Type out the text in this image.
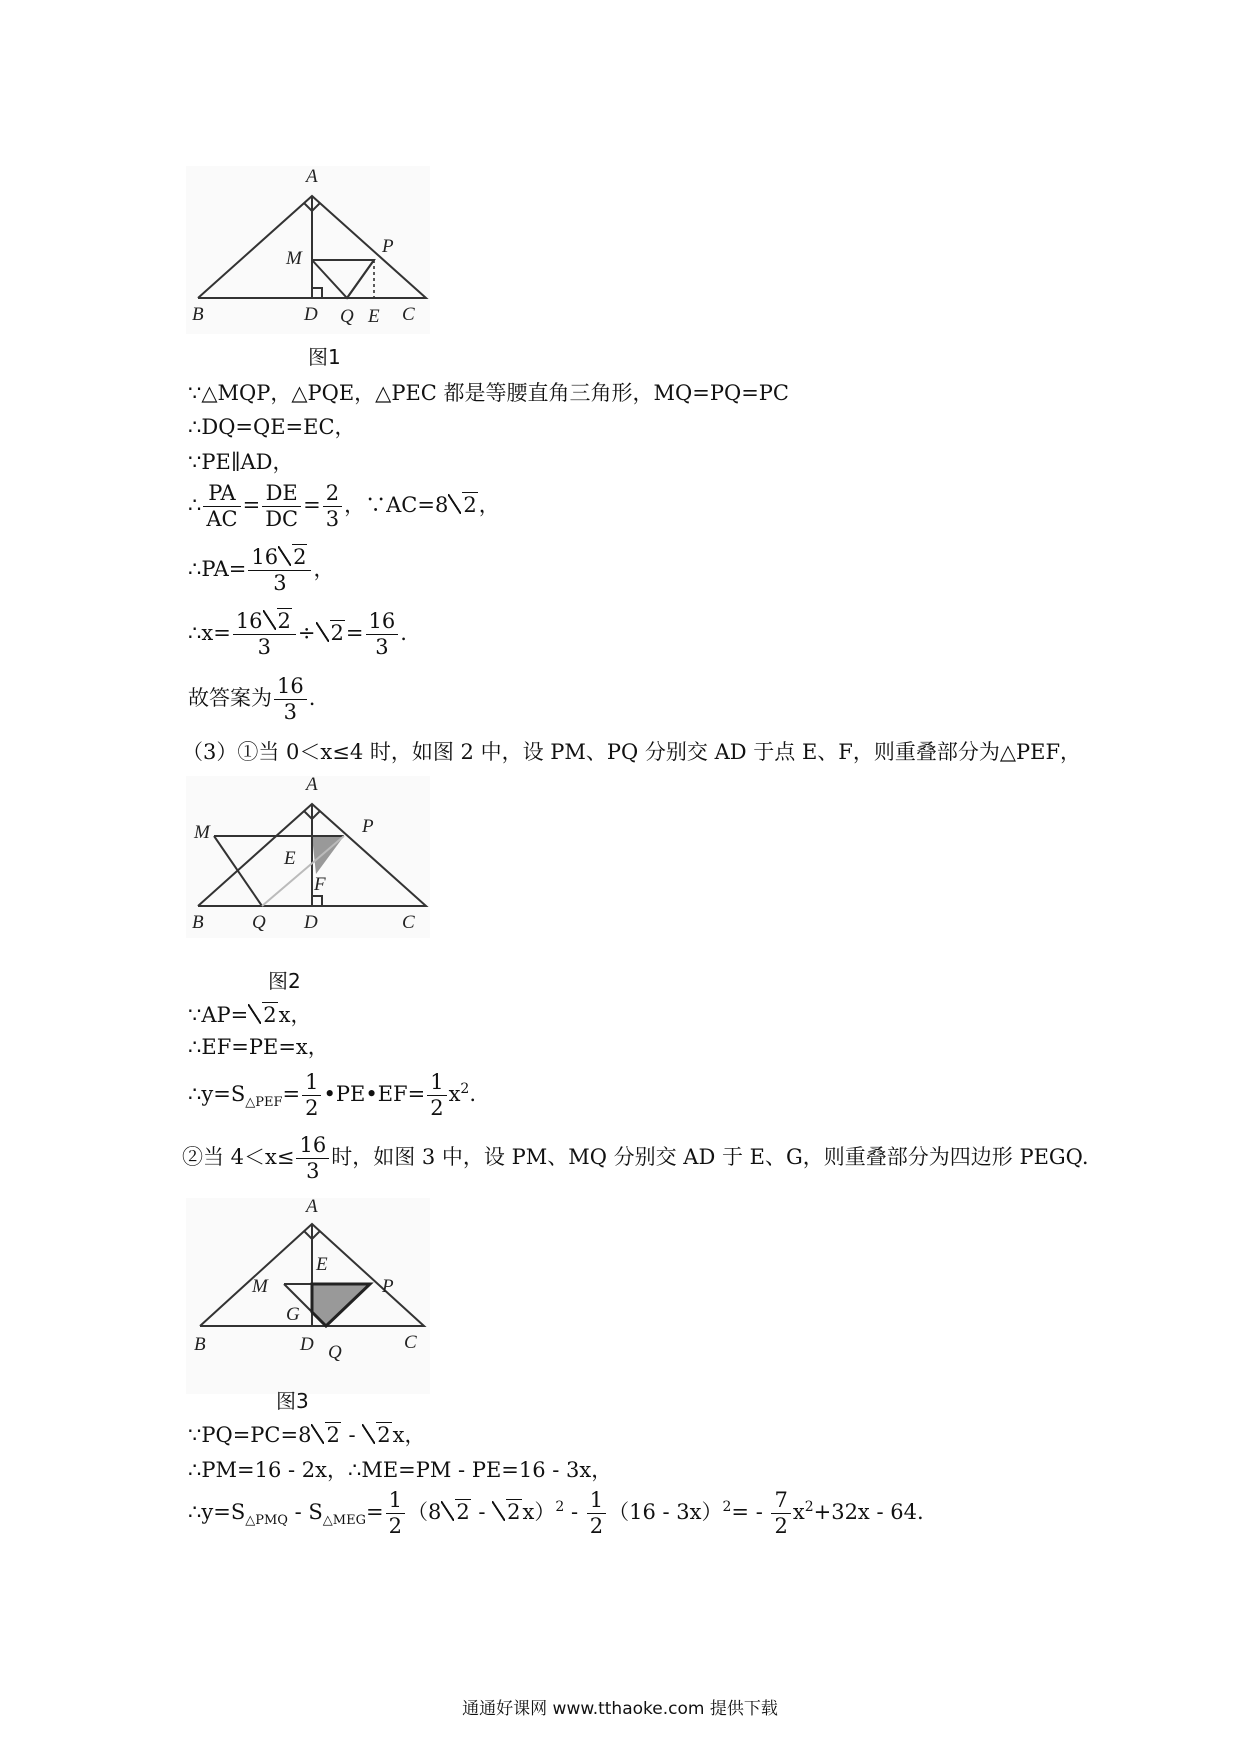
A
M
P
B	D Q E C
图1
∵△MQP，△PQE，△PEC 都是等腰直角三角形，MQ=PQ=PC
∴DQ=QE=EC，
∵PE∥AD，
∴ $\frac{PA}{AC} = \frac{DE}{DC} = \frac{2}{3}$ ，∵AC=8 2，
∴PA= $\frac{16 2}{3}$ ，
∴x= $\frac{16 2}{3} \div 2= \frac{16}{3}$ .
故答案为 $\frac{16}{3}$ .
（3）①当 0＜x≤4 时，如图 2 中，设 PM、PQ 分别交 AD 于点 E、F，则重叠部分为△PEF，
A
M
E
P
F
B	Q D	C
图2
∵AP= 2x，
∴EF=PE=x，
$\therefore y=S_{\triangle PEF}= \frac{1}{2}$ •PE•EF= $\frac{1}{2} x^2$.
②当 $4<x\le \frac{16}{3}$ 时，如图 3 中，设 PM、MQ 分别交 AD 于 E、G，则重叠部分为四边形 PEGQ.
A
E
M	P
G
B	D Q	C
图3
∵PQ=PC=8 2 - 2x，
∴PM=16 - 2x，∴ME=PM - PE=16 - 3x，
$\therefore y=S_{\triangle PMQ} - S_{\triangle MEG}= \frac{1}{2} (8$ $2 - 2x)^2 - \frac{1}{2} (16 - 3x)^2= - \frac{7}{2} x^2+32x - 64$.
通通好课网 www.tthaoke.com 提供下载
